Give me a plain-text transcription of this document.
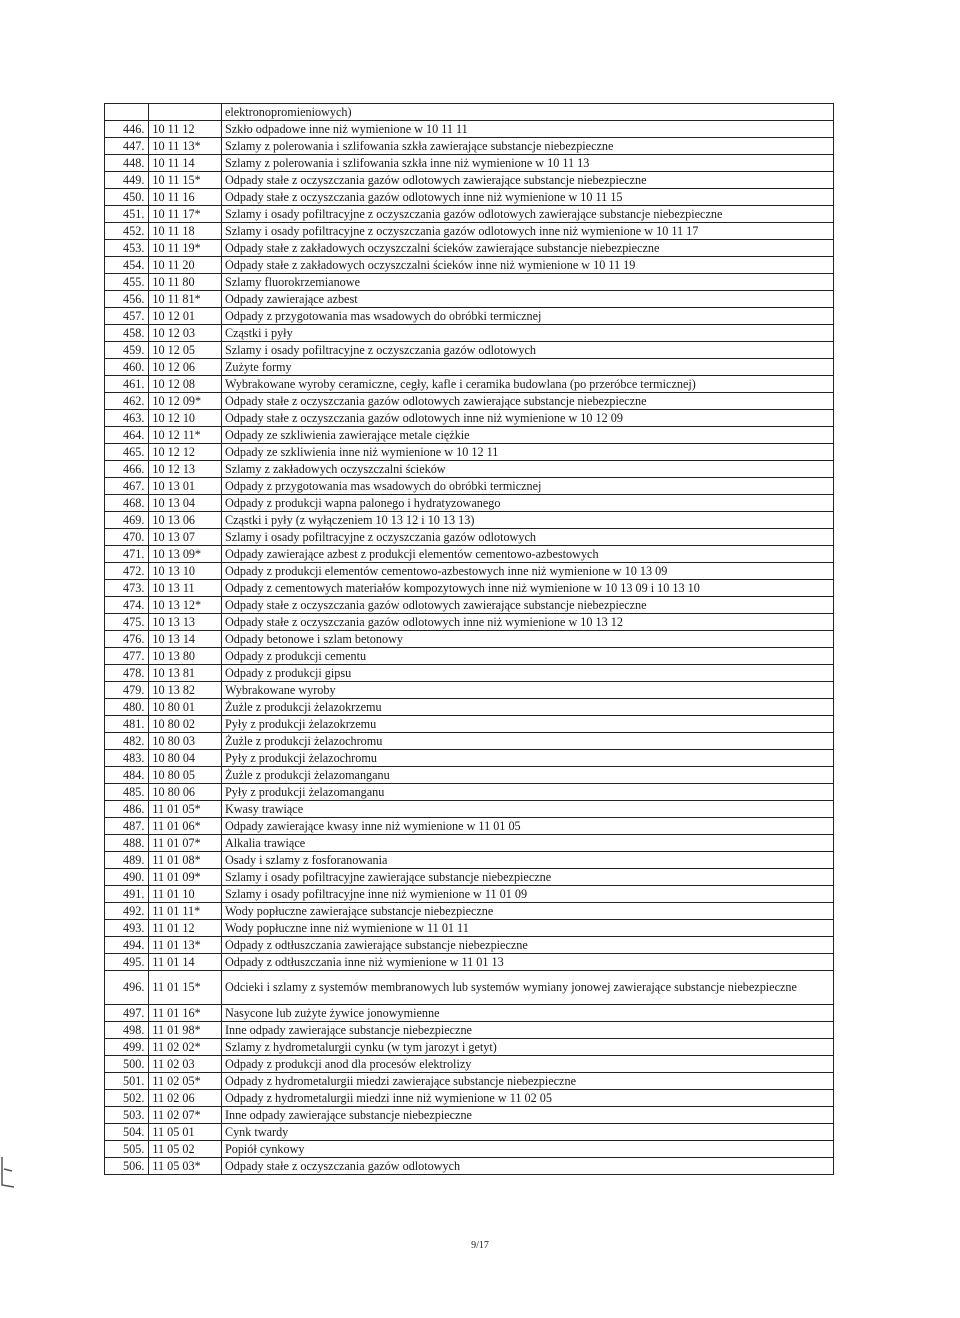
		elektronopromieniowych)
446.	10 11 12	Szkło odpadowe inne niż wymienione w 10 11 11
447.	10 11 13*	Szlamy z polerowania i szlifowania szkła zawierające substancje niebezpieczne
448.	10 11 14	Szlamy z polerowania i szlifowania szkła inne niż wymienione w 10 11 13
449.	10 11 15*	Odpady stałe z oczyszczania gazów odlotowych zawierające substancje niebezpieczne
450.	10 11 16	Odpady stałe z oczyszczania gazów odlotowych inne niż wymienione w 10 11 15
451.	10 11 17*	Szlamy i osady pofiltracyjne z oczyszczania gazów odlotowych zawierające substancje niebezpieczne
452.	10 11 18	Szlamy i osady pofiltracyjne z oczyszczania gazów odlotowych inne niż wymienione w 10 11 17
453.	10 11 19*	Odpady stałe z zakładowych oczyszczalni ścieków zawierające substancje niebezpieczne
454.	10 11 20	Odpady stałe z zakładowych oczyszczalni ścieków inne niż wymienione w 10 11 19
455.	10 11 80	Szlamy fluorokrzemianowe
456.	10 11 81*	Odpady zawierające azbest
457.	10 12 01	Odpady z przygotowania mas wsadowych do obróbki termicznej
458.	10 12 03	Cząstki i pyły
459.	10 12 05	Szlamy i osady pofiltracyjne z oczyszczania gazów odlotowych
460.	10 12 06	Zużyte formy
461.	10 12 08	Wybrakowane wyroby ceramiczne, cegły, kafle i ceramika budowlana (po przeróbce termicznej)
462.	10 12 09*	Odpady stałe z oczyszczania gazów odlotowych zawierające substancje niebezpieczne
463.	10 12 10	Odpady stałe z oczyszczania gazów odlotowych inne niż wymienione w 10 12 09
464.	10 12 11*	Odpady ze szkliwienia zawierające metale ciężkie
465.	10 12 12	Odpady ze szkliwienia inne niż wymienione w 10 12 11
466.	10 12 13	Szlamy z zakładowych oczyszczalni ścieków
467.	10 13 01	Odpady z przygotowania mas wsadowych do obróbki termicznej
468.	10 13 04	Odpady z produkcji wapna palonego i hydratyzowanego
469.	10 13 06	Cząstki i pyły (z wyłączeniem 10 13 12 i 10 13 13)
470.	10 13 07	Szlamy i osady pofiltracyjne z oczyszczania gazów odlotowych
471.	10 13 09*	Odpady zawierające azbest z produkcji elementów cementowo-azbestowych
472.	10 13 10	Odpady z produkcji elementów cementowo-azbestowych inne niż wymienione w 10 13 09
473.	10 13 11	Odpady z cementowych materiałów kompozytowych inne niż wymienione w 10 13 09 i 10 13 10
474.	10 13 12*	Odpady stałe z oczyszczania gazów odlotowych zawierające substancje niebezpieczne
475.	10 13 13	Odpady stałe z oczyszczania gazów odlotowych inne niż wymienione w 10 13 12
476.	10 13 14	Odpady betonowe i szlam betonowy
477.	10 13 80	Odpady z produkcji cementu
478.	10 13 81	Odpady z produkcji gipsu
479.	10 13 82	Wybrakowane wyroby
480.	10 80 01	Żużle z produkcji żelazokrzemu
481.	10 80 02	Pyły z produkcji żelazokrzemu
482.	10 80 03	Żużle z produkcji żelazochromu
483.	10 80 04	Pyły z produkcji żelazochromu
484.	10 80 05	Żużle z produkcji żelazomanganu
485.	10 80 06	Pyły z produkcji żelazomanganu
486.	11 01 05*	Kwasy trawiące
487.	11 01 06*	Odpady zawierające kwasy inne niż wymienione w 11 01 05
488.	11 01 07*	Alkalia trawiące
489.	11 01 08*	Osady i szlamy z fosforanowania
490.	11 01 09*	Szlamy i osady pofiltracyjne zawierające substancje niebezpieczne
491.	11 01 10	Szlamy i osady pofiltracyjne inne niż wymienione w 11 01 09
492.	11 01 11*	Wody popłuczne zawierające substancje niebezpieczne
493.	11 01 12	Wody popłuczne inne niż wymienione w 11 01 11
494.	11 01 13*	Odpady z odtłuszczania zawierające substancje niebezpieczne
495.	11 01 14	Odpady z odtłuszczania inne niż wymienione w 11 01 13
496.	11 01 15*	Odcieki i szlamy z systemów membranowych lub systemów wymiany jonowej zawierające substancje niebezpieczne
497.	11 01 16*	Nasycone lub zużyte żywice jonowymienne
498.	11 01 98*	Inne odpady zawierające substancje niebezpieczne
499.	11 02 02*	Szlamy z hydrometalurgii cynku (w tym jarozyt i getyt)
500.	11 02 03	Odpady z produkcji anod dla procesów elektrolizy
501.	11 02 05*	Odpady z hydrometalurgii miedzi zawierające substancje niebezpieczne
502.	11 02 06	Odpady z hydrometalurgii miedzi inne niż wymienione w 11 02 05
503.	11 02 07*	Inne odpady zawierające substancje niebezpieczne
504.	11 05 01	Cynk twardy
505.	11 05 02	Popiół cynkowy
506.	11 05 03*	Odpady stałe z oczyszczania gazów odlotowych
9/17
